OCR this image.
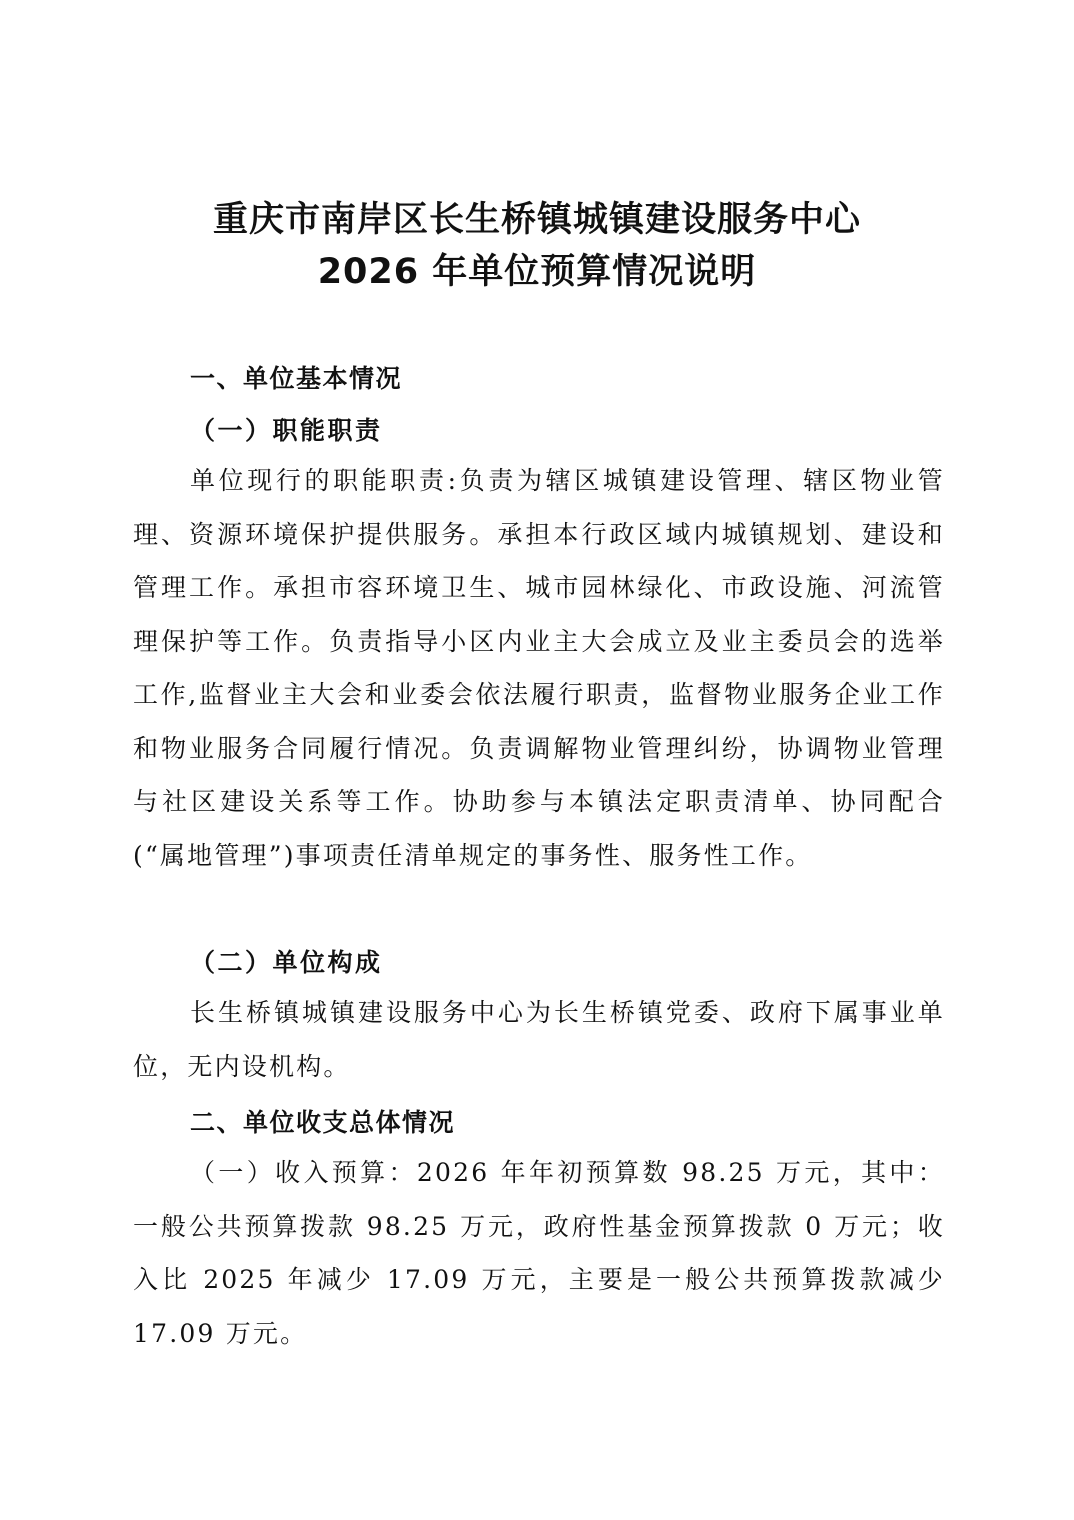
重庆市南岸区长生桥镇城镇建设服务中心
2026 年单位预算情况说明
一、单位基本情况
（一）职能职责

单位现行的职能职责:负责为辖区城镇建设管理、辖区物业管理、资源环境保护提供服务。承担本行政区域内城镇规划、建设和管理工作。承担市容环境卫生、城市园林绿化、市政设施、河流管理保护等工作。负责指导小区内业主大会成立及业主委员会的选举工作,监督业主大会和业委会依法履行职责，监督物业服务企业工作和物业服务合同履行情况。负责调解物业管理纠纷，协调物业管理与社区建设关系等工作。协助参与本镇法定职责清单、协同配合(“属地管理”)事项责任清单规定的事务性、服务性工作。

（二）单位构成

长生桥镇城镇建设服务中心为长生桥镇党委、政府下属事业单位，无内设机构。

二、单位收支总体情况

（一）收入预算：2026 年年初预算数 98.25 万元，其中：一般公共预算拨款 98.25 万元，政府性基金预算拨款 0 万元；收入比 2025 年减少 17.09 万元，主要是一般公共预算拨款减少 17.09 万元。
